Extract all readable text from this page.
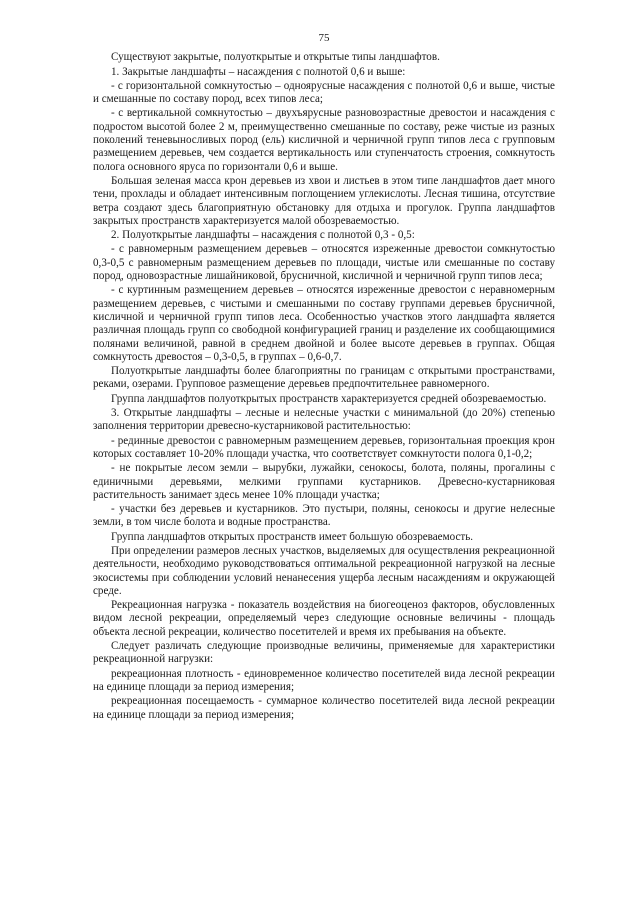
75

Существуют закрытые, полуоткрытые и открытые типы ландшафтов.

1. Закрытые ландшафты – насаждения с полнотой 0,6 и выше:

- с горизонтальной сомкнутостью – одноярусные насаждения с полнотой 0,6 и выше, чистые и смешанные по составу пород, всех типов леса;

- с вертикальной сомкнутостью – двухъярусные разновозрастные древостои и насаждения с подростом высотой более 2 м, преимущественно смешанные по составу, реже чистые из разных поколений теневыносливых пород (ель) кисличной и черничной групп типов леса с групповым размещением деревьев, чем создается вертикальность или ступенчатость строения, сомкнутость полога основного яруса по горизонтали 0,6 и выше.

Большая зеленая масса крон деревьев из хвои и листьев в этом типе ландшафтов дает много тени, прохлады и обладает интенсивным поглощением углекислоты. Лесная тишина, отсутствие ветра создают здесь благоприятную обстановку для отдыха и прогулок. Группа ландшафтов закрытых пространств характеризуется малой обозреваемостью.

2. Полуоткрытые ландшафты – насаждения с полнотой 0,3 - 0,5:

- с равномерным размещением деревьев – относятся изреженные древостои сомкнутостью 0,3-0,5 с равномерным размещением деревьев по площади, чистые или смешанные по составу пород, одновозрастные лишайниковой, брусничной, кисличной и черничной групп типов леса;

- с куртинным размещением деревьев – относятся изреженные древостои с неравномерным размещением деревьев, с чистыми и смешанными по составу группами деревьев брусничной, кисличной и черничной групп типов леса. Особенностью участков этого ландшафта является различная площадь групп со свободной конфигурацией границ и разделение их сообщающимися полянами величиной, равной в среднем двойной и более высоте деревьев в группах. Общая сомкнутость древостоя – 0,3-0,5, в группах – 0,6-0,7.

Полуоткрытые ландшафты более благоприятны по границам с открытыми пространствами, реками, озерами. Групповое размещение деревьев предпочтительнее равномерного.

Группа ландшафтов полуоткрытых пространств характеризуется средней обозреваемостью.

3. Открытые ландшафты – лесные и нелесные участки с минимальной (до 20%) степенью заполнения территории древесно-кустарниковой растительностью:

- рединные древостои с равномерным размещением деревьев, горизонтальная проекция крон которых составляет 10-20% площади участка, что соответствует сомкнутости полога 0,1-0,2;

- не покрытые лесом земли – вырубки, лужайки, сенокосы, болота, поляны, прогалины с единичными деревьями, мелкими группами кустарников. Древесно-кустарниковая растительность занимает здесь менее 10% площади участка;

- участки без деревьев и кустарников. Это пустыри, поляны, сенокосы и другие нелесные земли, в том числе болота и водные пространства.

Группа ландшафтов открытых пространств имеет большую обозреваемость.

При определении размеров лесных участков, выделяемых для осуществления рекреационной деятельности, необходимо руководствоваться оптимальной рекреационной нагрузкой на лесные экосистемы при соблюдении условий ненанесения ущерба лесным насаждениям и окружающей среде.

Рекреационная нагрузка - показатель воздействия на биогеоценоз факторов, обусловленных видом лесной рекреации, определяемый через следующие основные величины - площадь объекта лесной рекреации, количество посетителей и время их пребывания на объекте.

Следует различать следующие производные величины, применяемые для характеристики рекреационной нагрузки:

рекреационная плотность - единовременное количество посетителей вида лесной рекреации на единице площади за период измерения;

рекреационная посещаемость - суммарное количество посетителей вида лесной рекреации на единице площади за период измерения;
